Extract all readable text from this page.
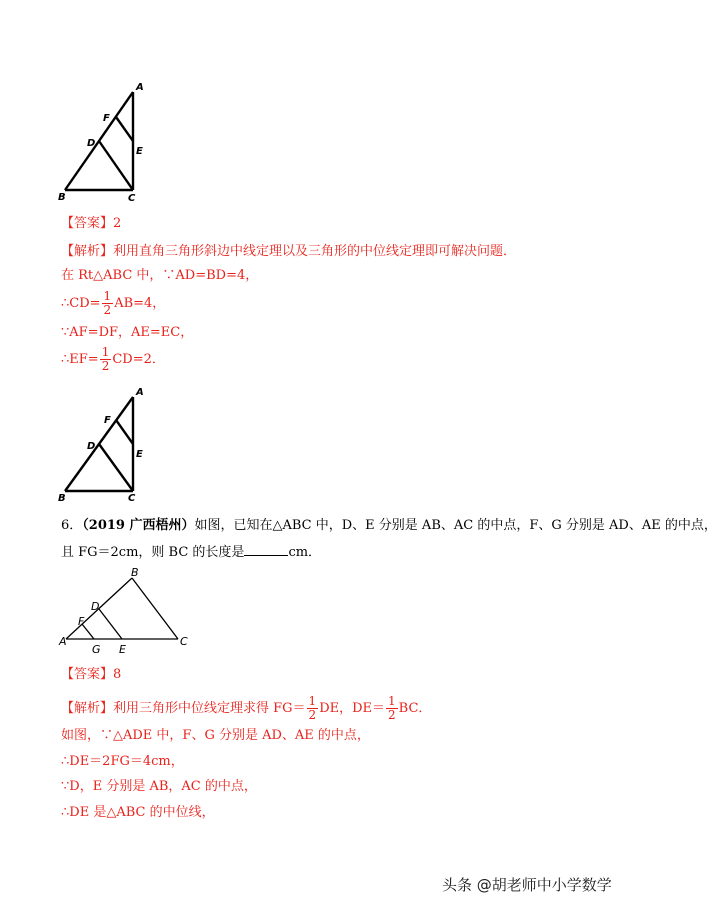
A
F
D
E
B	C
【答案】2
【解析】利用直角三角形斜边中线定理以及三角形的中位线定理即可解决问题．
在 Rt△ABC 中，∵AD=BD=4，
∴CD= $\frac{1}{2} AB=4$，
∵AF=DF，AE=EC，
∴EF= $\frac{1}{2} CD=2$．
A
F
D
E
B	C
6．（2019 广西梧州）如图，已知在△ABC 中，D、E 分别是 AB、AC 的中点，F、G 分别是 AD、AE 的中点，
且 FG＝2cm，则 BC 的长度是	cm．
B
D
F
A
G E
C
【答案】8
【解析】利用三角形中位线定理求得 $FG= \frac{1}{2}$ DE，$DE= \frac{1}{2}$ BC．
如图，∵△ADE 中，F、G 分别是 AD、AE 的中点，
∴DE＝2FG＝4cm，
∵D，E 分别是 AB，AC 的中点，
∴DE 是△ABC 的中位线，
头条 @胡老师中小学数学
